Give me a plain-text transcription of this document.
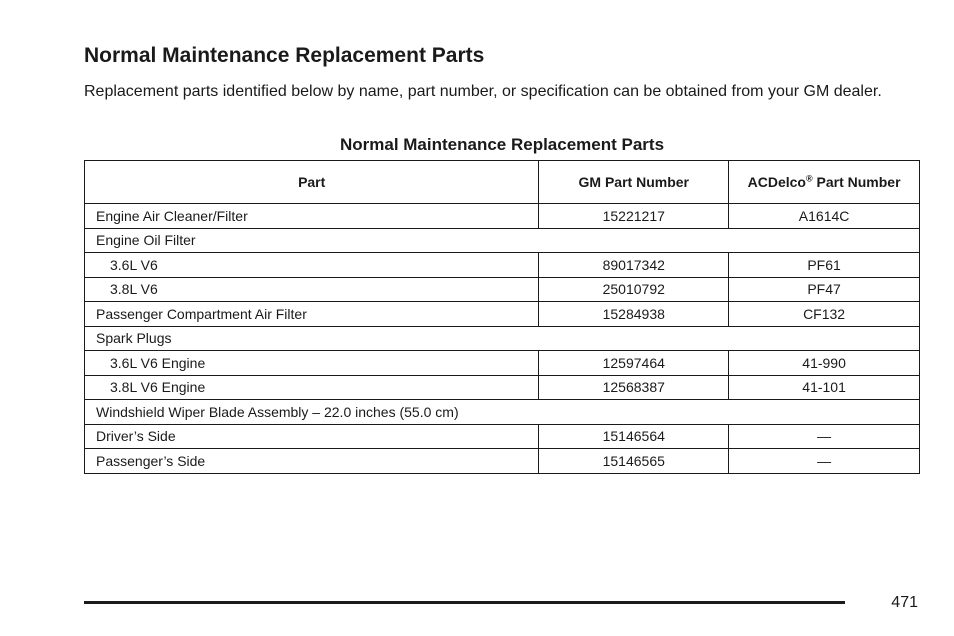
Normal Maintenance Replacement Parts

Replacement parts identified below by name, part number, or specification can be obtained from your GM dealer.

Normal Maintenance Replacement Parts
Part	GM Part Number	ACDelco® Part Number
Engine Air Cleaner/Filter	15221217	A1614C
Engine Oil Filter		
3.6L V6	89017342	PF61
3.8L V6	25010792	PF47
Passenger Compartment Air Filter	15284938	CF132
Spark Plugs		
3.6L V6 Engine	12597464	41-990
3.8L V6 Engine	12568387	41-101
Windshield Wiper Blade Assembly – 22.0 inches (55.0 cm)		
Driver’s Side	15146564	—
Passenger’s Side	15146565	—
471
